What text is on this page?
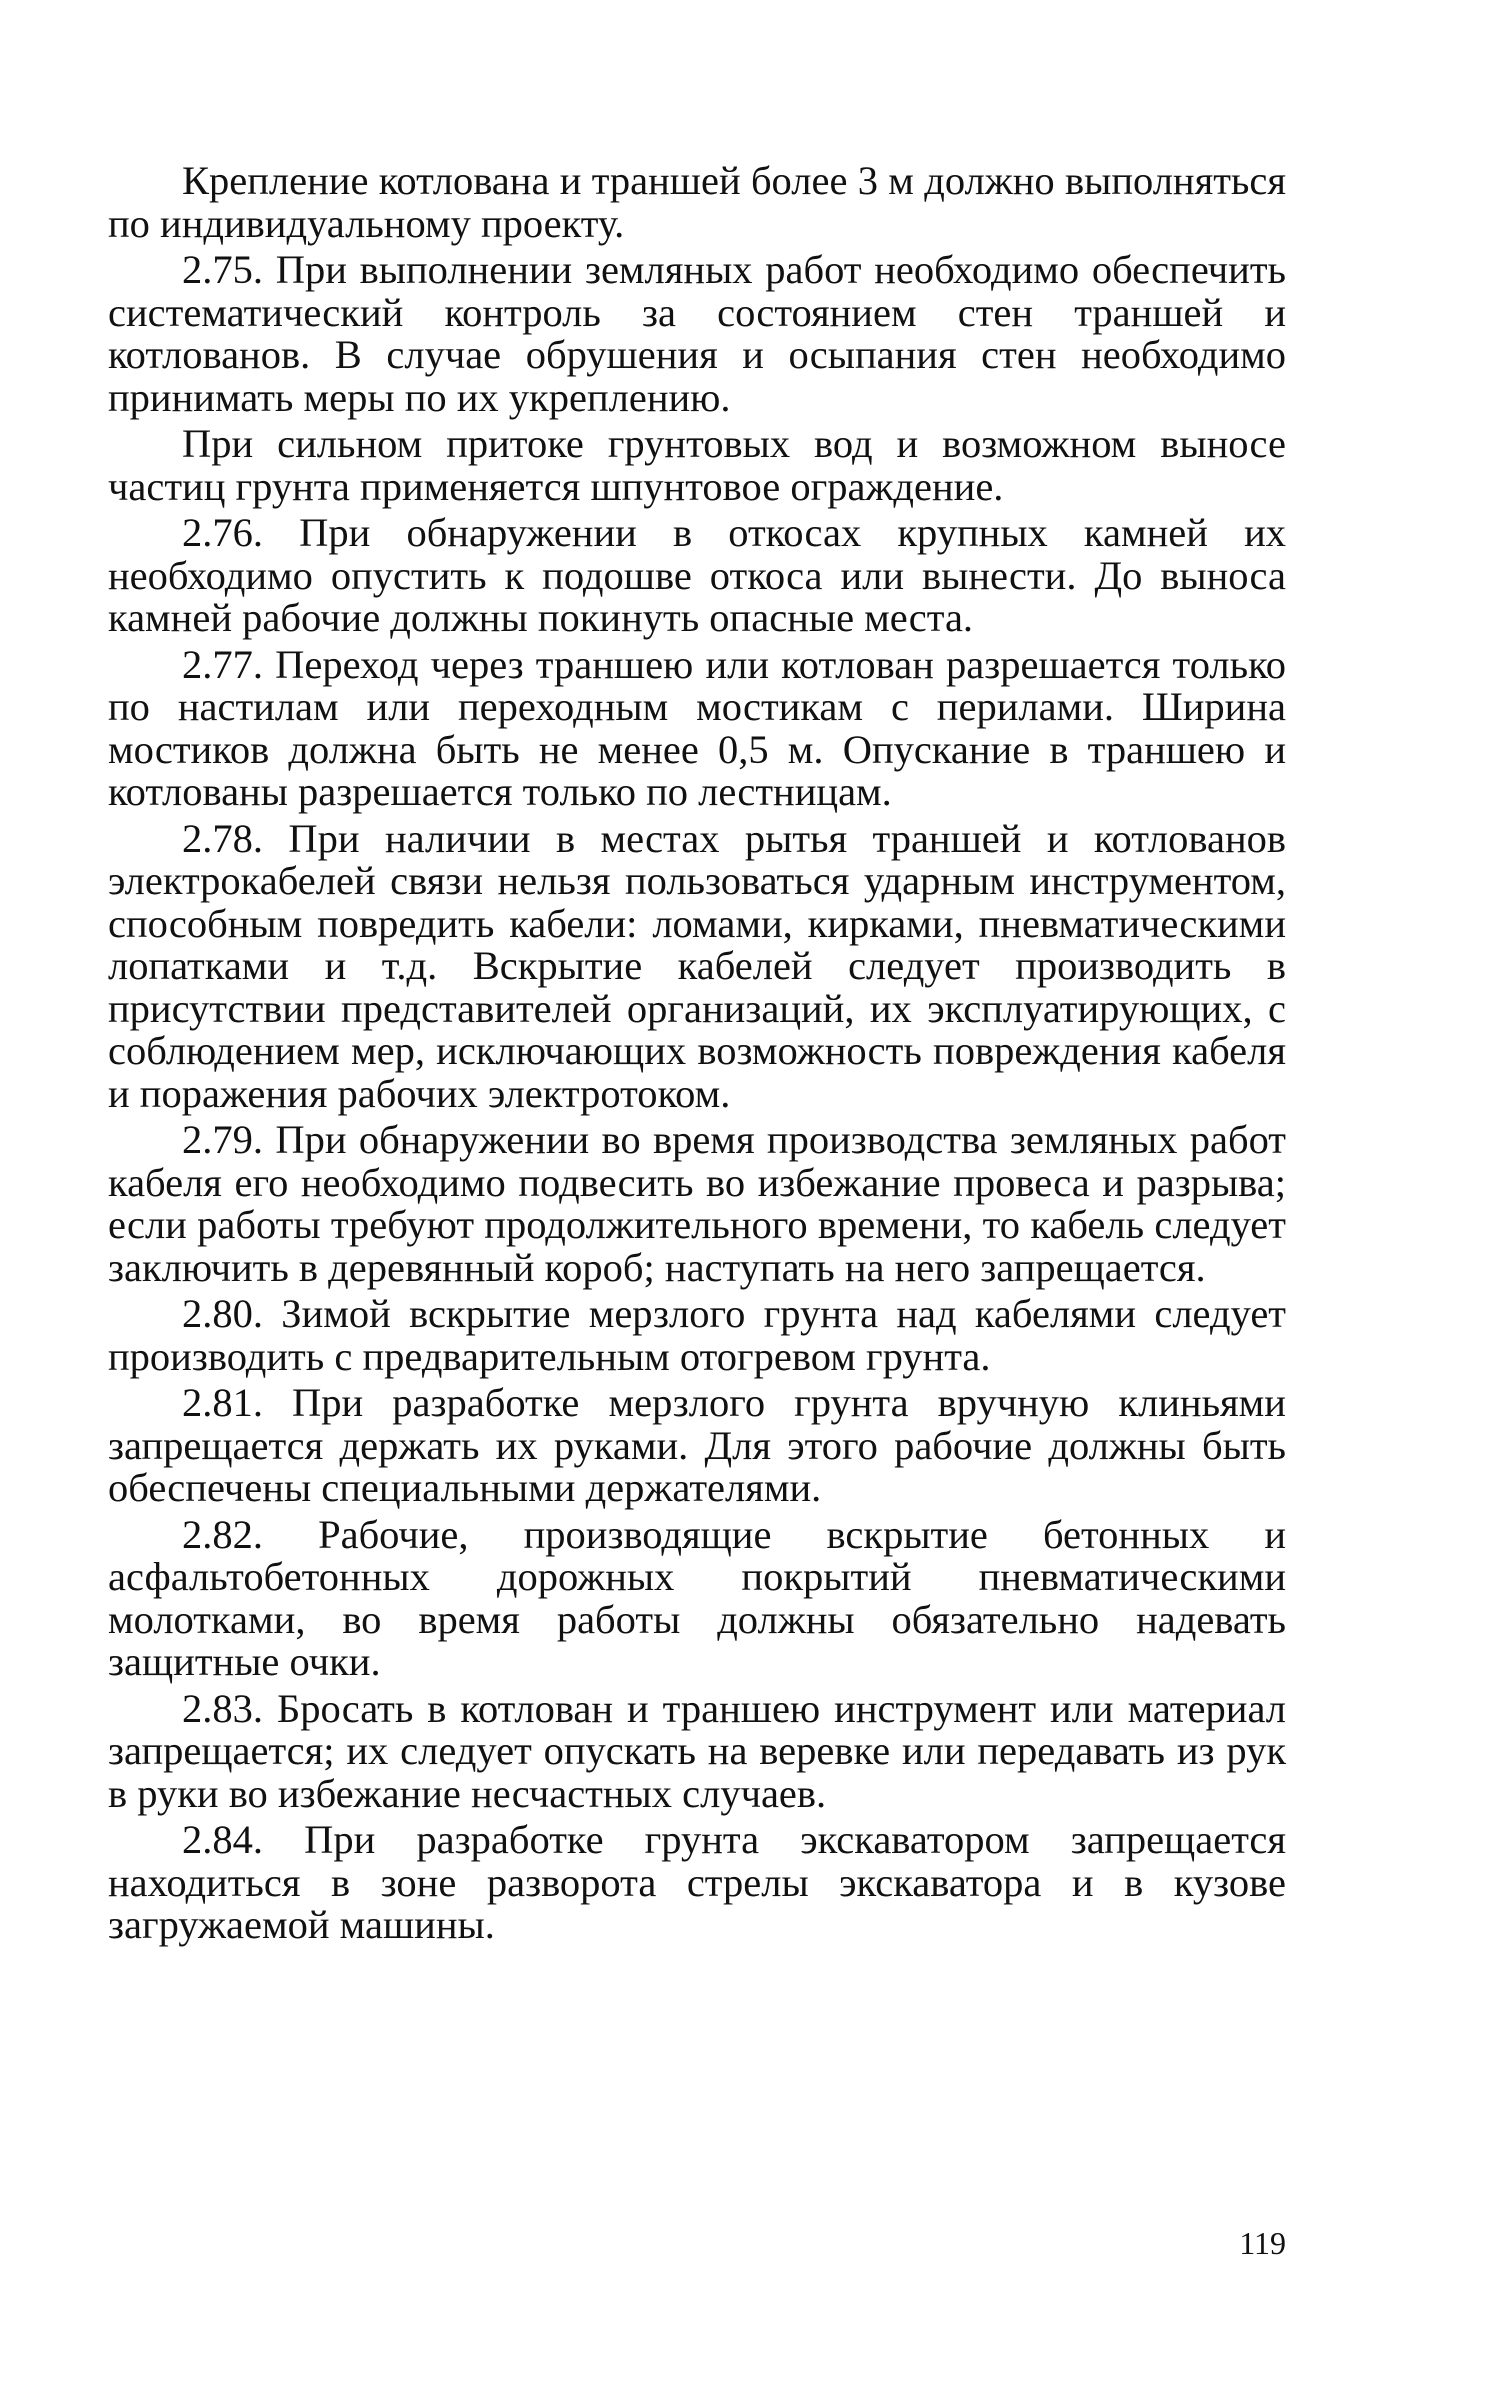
Крепление котлована и траншей более 3 м должно выполняться по индивидуальному проекту.

2.75. При выполнении земляных работ необходимо обеспечить систематический контроль за состоянием стен траншей и котлованов. В случае обрушения и осыпания стен необходимо принимать меры по их укреплению.

При сильном притоке грунтовых вод и возможном выносе частиц грунта применяется шпунтовое ограждение.

2.76. При обнаружении в откосах крупных камней их необходимо опустить к подошве откоса или вынести. До выноса камней рабочие должны покинуть опасные места.

2.77. Переход через траншею или котлован разрешается только по настилам или переходным мостикам с перилами. Ширина мостиков должна быть не менее 0,5 м. Опускание в траншею и котлованы разрешается только по лестницам.

2.78. При наличии в местах рытья траншей и котлованов электрокабелей связи нельзя пользоваться ударным инструментом, способным повредить кабели: ломами, кирками, пневматическими лопатками и т.д. Вскрытие кабелей следует производить в присутствии представителей организаций, их эксплуатирующих, с соблюдением мер, исключающих возможность повреждения кабеля и поражения рабочих электротоком.

2.79. При обнаружении во время производства земляных работ кабеля его необходимо подвесить во избежание провеса и разрыва; если работы требуют продолжительного времени, то кабель следует заключить в деревянный короб; наступать на него запрещается.

2.80. Зимой вскрытие мерзлого грунта над кабелями следует производить с предварительным отогревом грунта.

2.81. При разработке мерзлого грунта вручную клиньями запрещается держать их руками. Для этого рабочие должны быть обеспечены специальными держателями.

2.82. Рабочие, производящие вскрытие бетонных и асфальтобетонных дорожных покрытий пневматическими молотками, во время работы должны обязательно надевать защитные очки.

2.83. Бросать в котлован и траншею инструмент или материал запрещается; их следует опускать на веревке или передавать из рук в руки во избежание несчастных случаев.

2.84. При разработке грунта экскаватором запрещается находиться в зоне разворота стрелы экскаватора и в кузове загружаемой машины.

119
